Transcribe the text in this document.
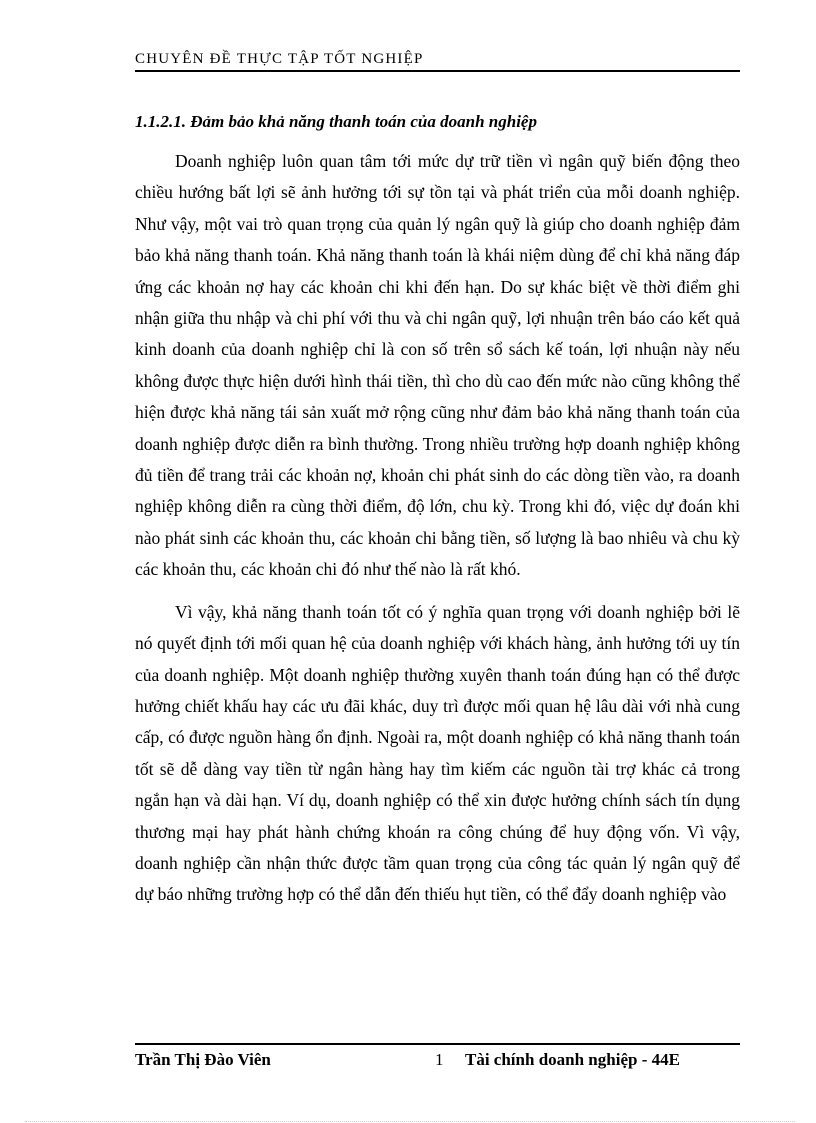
CHUYÊN ĐỀ THỰC TẬP TỐT NGHIỆP
1.1.2.1. Đảm bảo khả năng thanh toán của doanh nghiệp

Doanh nghiệp luôn quan tâm tới mức dự trữ tiền vì ngân quỹ biến động theo chiều hướng bất lợi sẽ ảnh hưởng tới sự tồn tại và phát triển của mỗi doanh nghiệp. Như vậy, một vai trò quan trọng của quản lý ngân quỹ là giúp cho doanh nghiệp đảm bảo khả năng thanh toán. Khả năng thanh toán là khái niệm dùng để chỉ khả năng đáp ứng các khoản nợ hay các khoản chi khi đến hạn. Do sự khác biệt về thời điểm ghi nhận giữa thu nhập và chi phí với thu và chi ngân quỹ, lợi nhuận trên báo cáo kết quả kinh doanh của doanh nghiệp chỉ là con số trên sổ sách kế toán, lợi nhuận này nếu không được thực hiện dưới hình thái tiền, thì cho dù cao đến mức nào cũng không thể hiện được khả năng tái sản xuất mở rộng cũng như đảm bảo khả năng thanh toán của doanh nghiệp được diễn ra bình thường. Trong nhiều trường hợp doanh nghiệp không đủ tiền để trang trải các khoản nợ, khoản chi phát sinh do các dòng tiền vào, ra doanh nghiệp không diễn ra cùng thời điểm, độ lớn, chu kỳ. Trong khi đó, việc dự đoán khi nào phát sinh các khoản thu, các khoản chi bằng tiền, số lượng là bao nhiêu và chu kỳ các khoản thu, các khoản chi đó như thế nào là rất khó.

Vì vậy, khả năng thanh toán tốt có ý nghĩa quan trọng với doanh nghiệp bởi lẽ nó quyết định tới mối quan hệ của doanh nghiệp với khách hàng, ảnh hưởng tới uy tín của doanh nghiệp. Một doanh nghiệp thường xuyên thanh toán đúng hạn có thể được hưởng chiết khấu hay các ưu đãi khác, duy trì được mối quan hệ lâu dài với nhà cung cấp, có được nguồn hàng ổn định. Ngoài ra, một doanh nghiệp có khả năng thanh toán tốt sẽ dễ dàng vay tiền từ ngân hàng hay tìm kiếm các nguồn tài trợ khác cả trong ngắn hạn và dài hạn. Ví dụ, doanh nghiệp có thể xin được hưởng chính sách tín dụng thương mại hay phát hành chứng khoán ra công chúng để huy động vốn. Vì vậy, doanh nghiệp cần nhận thức được tầm quan trọng của công tác quản lý ngân quỹ để dự báo những trường hợp có thể dẫn đến thiếu hụt tiền, có thể đẩy doanh nghiệp vào

Trần Thị Đào Viên	1 Tài chính doanh nghiệp - 44E
